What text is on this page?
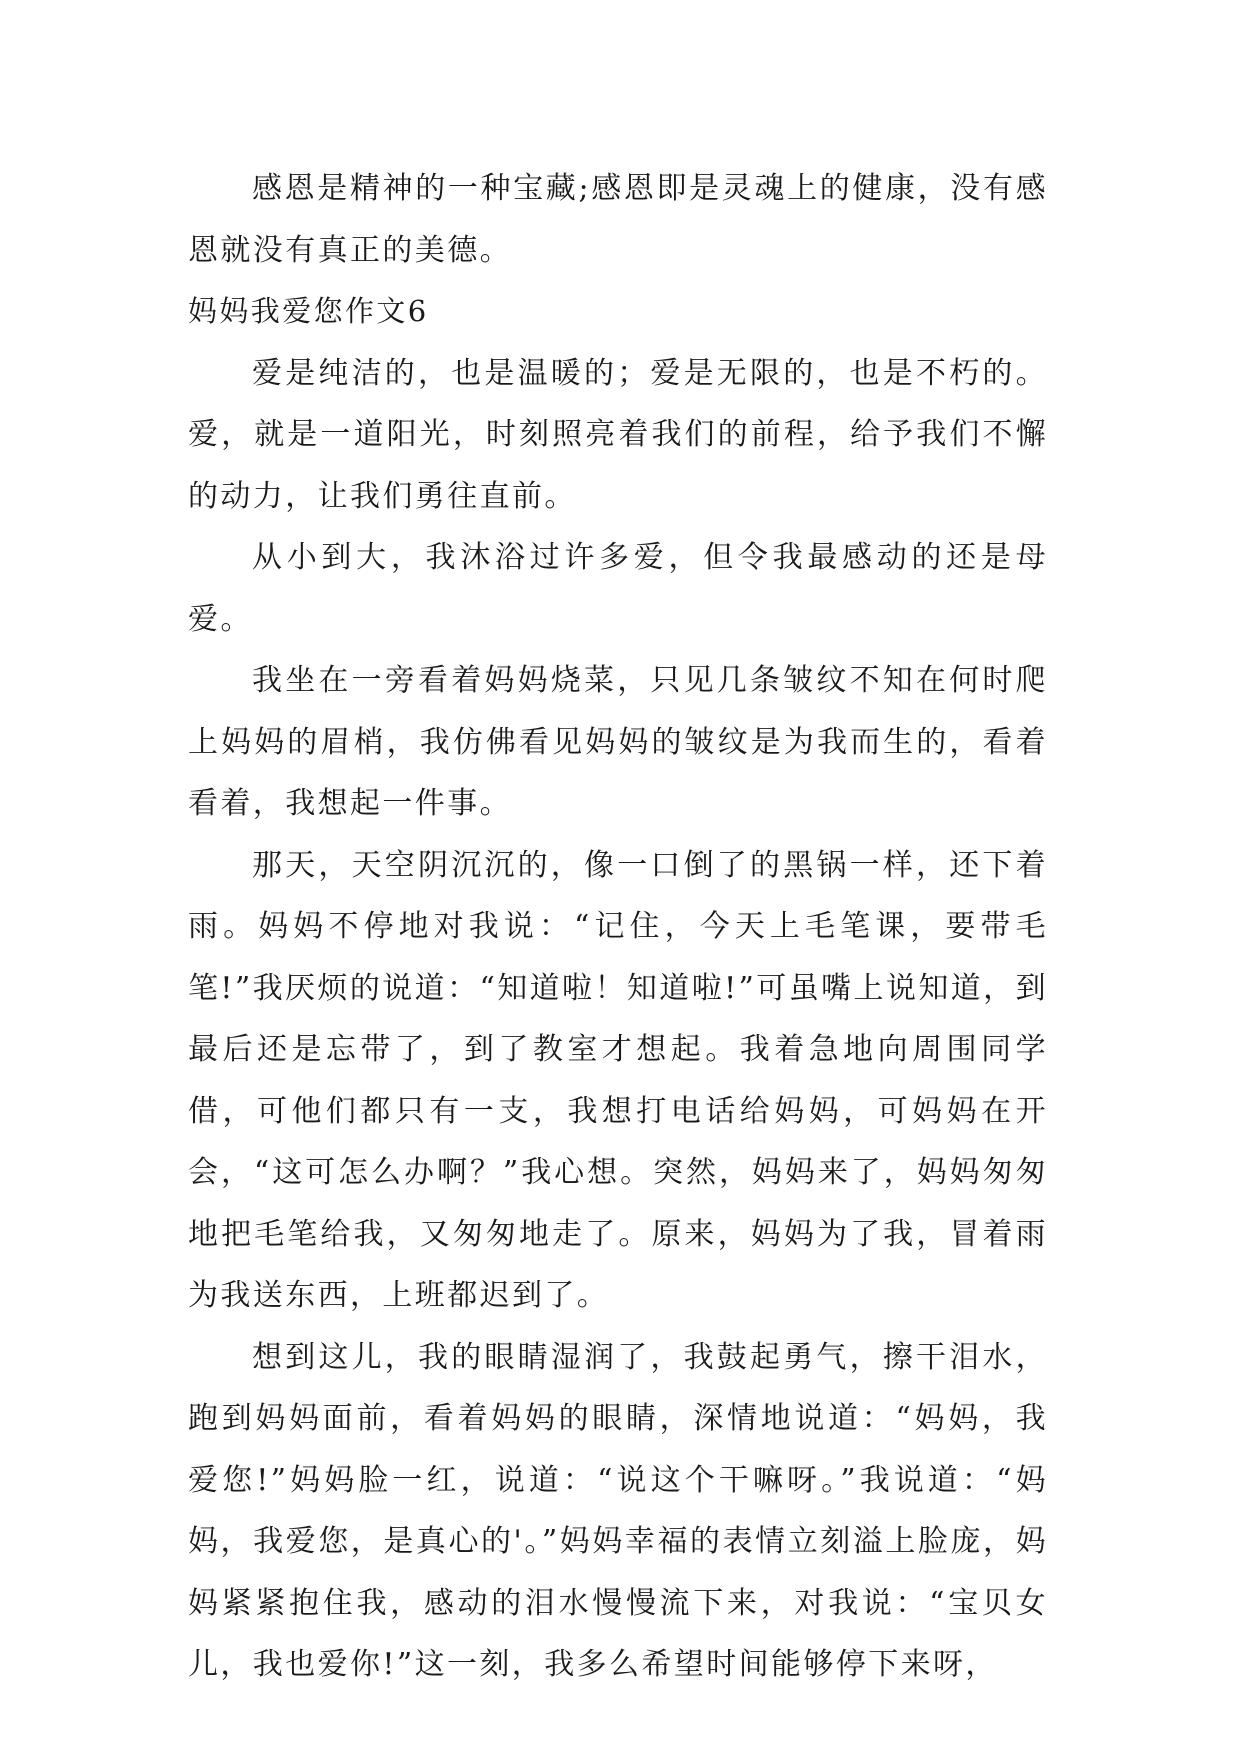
感恩是精神的一种宝藏;感恩即是灵魂上的健康，没有感恩就没有真正的美德。

妈妈我爱您作文6

爱是纯洁的，也是温暖的；爱是无限的，也是不朽的。爱，就是一道阳光，时刻照亮着我们的前程，给予我们不懈的动力，让我们勇往直前。

从小到大，我沐浴过许多爱，但令我最感动的还是母爱。

我坐在一旁看着妈妈烧菜，只见几条皱纹不知在何时爬上妈妈的眉梢，我仿佛看见妈妈的皱纹是为我而生的，看着看着，我想起一件事。

那天，天空阴沉沉的，像一口倒了的黑锅一样，还下着雨。妈妈不停地对我说：“记住，今天上毛笔课，要带毛笔!”我厌烦的说道：“知道啦！知道啦!”可虽嘴上说知道，到最后还是忘带了，到了教室才想起。我着急地向周围同学借，可他们都只有一支，我想打电话给妈妈，可妈妈在开会，“这可怎么办啊？”我心想。突然，妈妈来了，妈妈匆匆地把毛笔给我，又匆匆地走了。原来，妈妈为了我，冒着雨为我送东西，上班都迟到了。

想到这儿，我的眼睛湿润了，我鼓起勇气，擦干泪水，跑到妈妈面前，看着妈妈的眼睛，深情地说道：“妈妈，我爱您!”妈妈脸一红，说道：“说这个干嘛呀。”我说道：“妈妈，我爱您，是真心的'。”妈妈幸福的表情立刻溢上脸庞，妈妈紧紧抱住我，感动的泪水慢慢流下来，对我说：“宝贝女儿，我也爱你!”这一刻，我多么希望时间能够停下来呀，
